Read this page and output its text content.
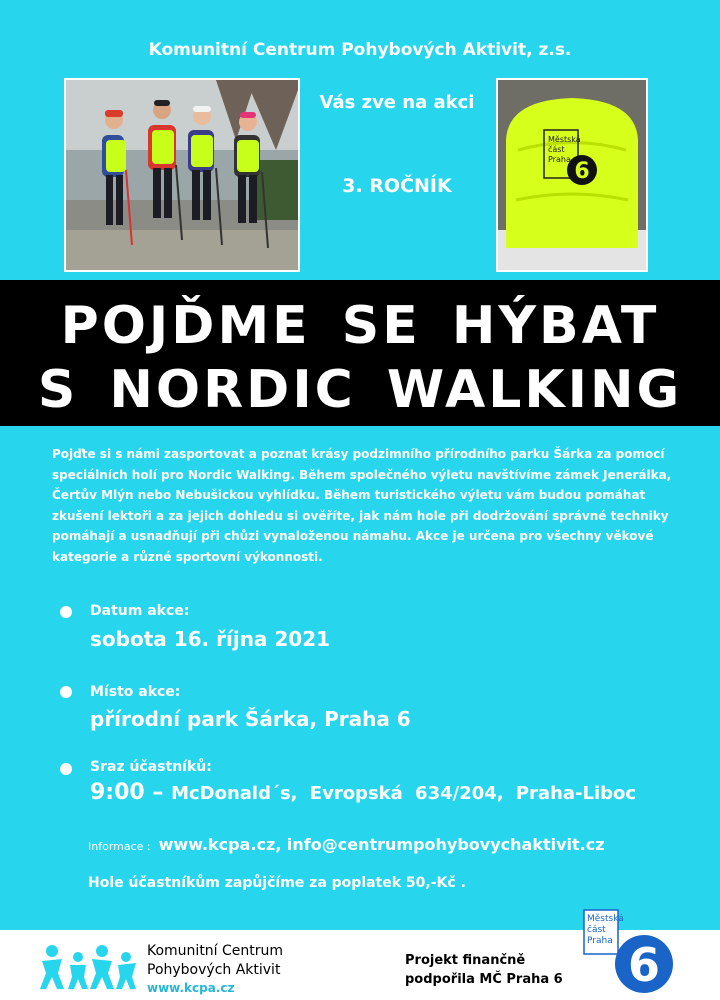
Komunitní Centrum Pohybových Aktivit, z.s.
Vás zve na akci
3. ROČNÍK
Městská
část
Praha 6
POJĎME SE HÝBAT
S NORDIC WALKING
Pojďte si s námi zasportovat a poznat krásy podzimního přírodního parku Šárka za pomocí speciálních holí pro Nordic Walking. Během společného výletu navštívíme zámek Jenerálka, Čertův Mlýn nebo Nebušickou vyhlídku. Během turistického výletu vám budou pomáhat zkušení lektoři a za jejich dohledu si ověříte, jak nám hole při dodržování správné techniky pomáhají a usnadňují při chůzi vynaloženou námahu. Akce je určena pro všechny věkové kategorie a různé sportovní výkonnosti.
Datum akce:
sobota 16. října 2021
Místo akce:
přírodní park Šárka, Praha 6
Sraz účastníků:
9:00 – McDonald´s, Evropská 634/204, Praha-Liboc
Informace : www.kcpa.cz, info@centrumpohybovychaktivit.cz
Hole účastníkům zapůjčíme za poplatek 50,-Kč .
Komunitní Centrum
Pohybových Aktivit
www.kcpa.cz
Projekt finančně
podpořila MČ Praha 6
Městská
část
Praha 6
